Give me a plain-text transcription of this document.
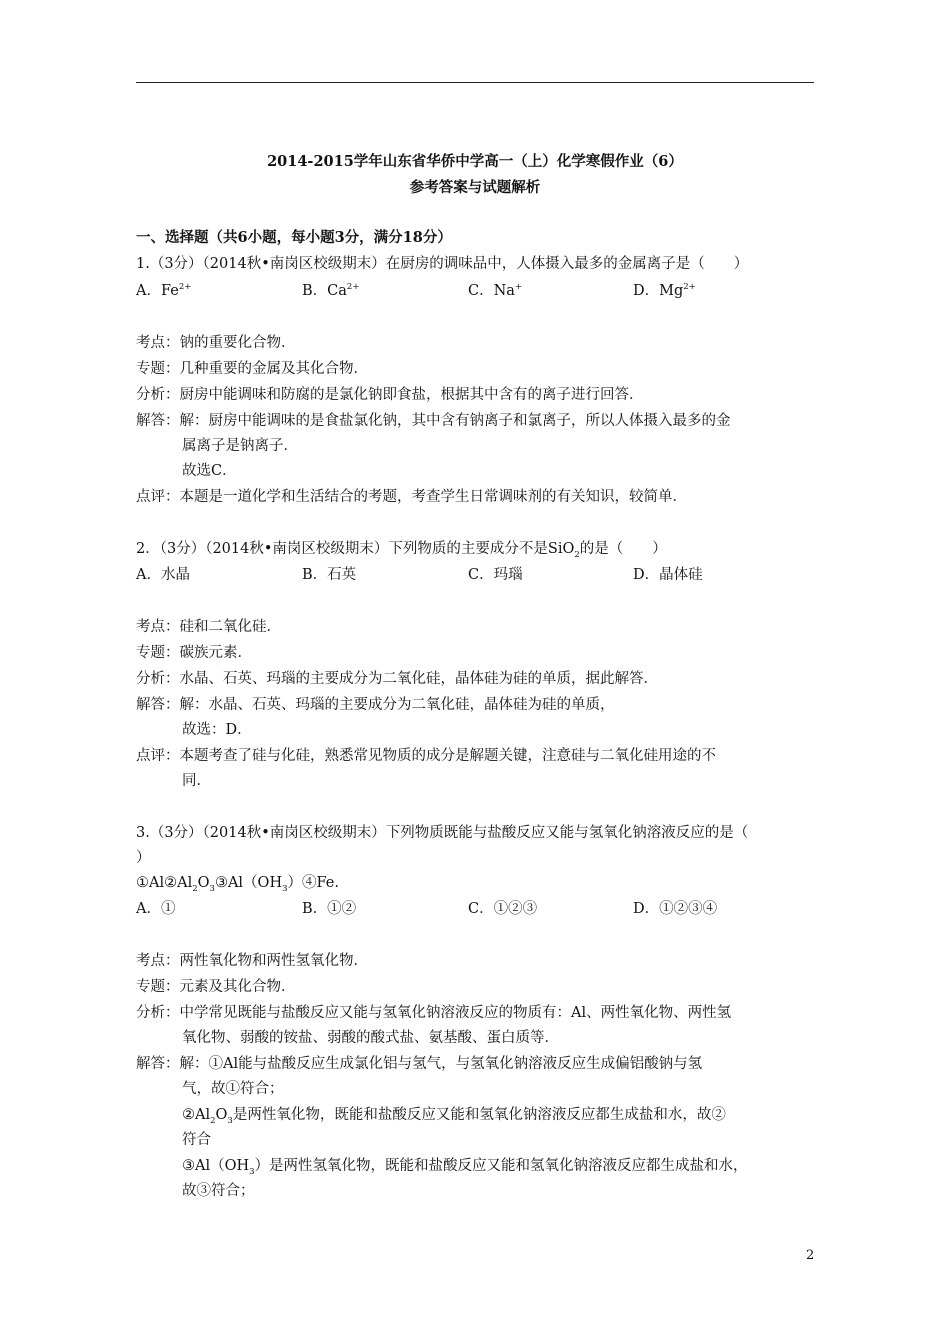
2014-2015学年山东省华侨中学高一（上）化学寒假作业（6）
参考答案与试题解析
一、选择题（共6小题，每小题3分，满分18分）
1.（3分）（2014秋•南岗区校级期末）在厨房的调味品中，人体摄入最多的金属离子是（　　）
A．$Fe^{2+}$	B．$Ca^{2+}$	C．Na+	D．$Mg^{2+}$
考点：钠的重要化合物．
专题：几种重要的金属及其化合物．
分析：厨房中能调味和防腐的是氯化钠即食盐，根据其中含有的离子进行回答．
解答：解：厨房中能调味的是食盐氯化钠，其中含有钠离子和氯离子，所以人体摄入最多的金
属离子是钠离子．
故选C．
点评：本题是一道化学和生活结合的考题，考查学生日常调味剂的有关知识，较简单．
2．（3分）（2014秋•南岗区校级期末）下列物质的主要成分不是SiO$_2$的是（　　）
A．水晶	B．石英	C．玛瑙	D．晶体硅
考点：硅和二氧化硅．
专题：碳族元素．
分析：水晶、石英、玛瑙的主要成分为二氧化硅，晶体硅为硅的单质，据此解答．
解答：解：水晶、石英、玛瑙的主要成分为二氧化硅，晶体硅为硅的单质，
故选：D．
点评：本题考查了硅与化硅，熟悉常见物质的成分是解题关键，注意硅与二氧化硅用途的不
同．
3.（3分）（2014秋•南岗区校级期末）下列物质既能与盐酸反应又能与氢氧化钠溶液反应的是（
）
$①Al②Al_2O_3③Al(OH_3)④Fe$.
A．①	B．①②	C．①②③	D．①②③④
考点：两性氧化物和两性氢氧化物．
专题：元素及其化合物．
分析：中学常见既能与盐酸反应又能与氢氧化钠溶液反应的物质有：Al、两性氧化物、两性氢
氧化物、弱酸的铵盐、弱酸的酸式盐、氨基酸、蛋白质等．
解答：解：①Al能与盐酸反应生成氯化铝与氢气，与氢氧化钠溶液反应生成偏铝酸钠与氢
气，故①符合；
$②Al_2O_3$是两性氧化物，既能和盐酸反应又能和氢氧化钠溶液反应都生成盐和水，故②
符合
$③Al(OH_3)$是两性氢氧化物，既能和盐酸反应又能和氢氧化钠溶液反应都生成盐和水，
故③符合；
2
